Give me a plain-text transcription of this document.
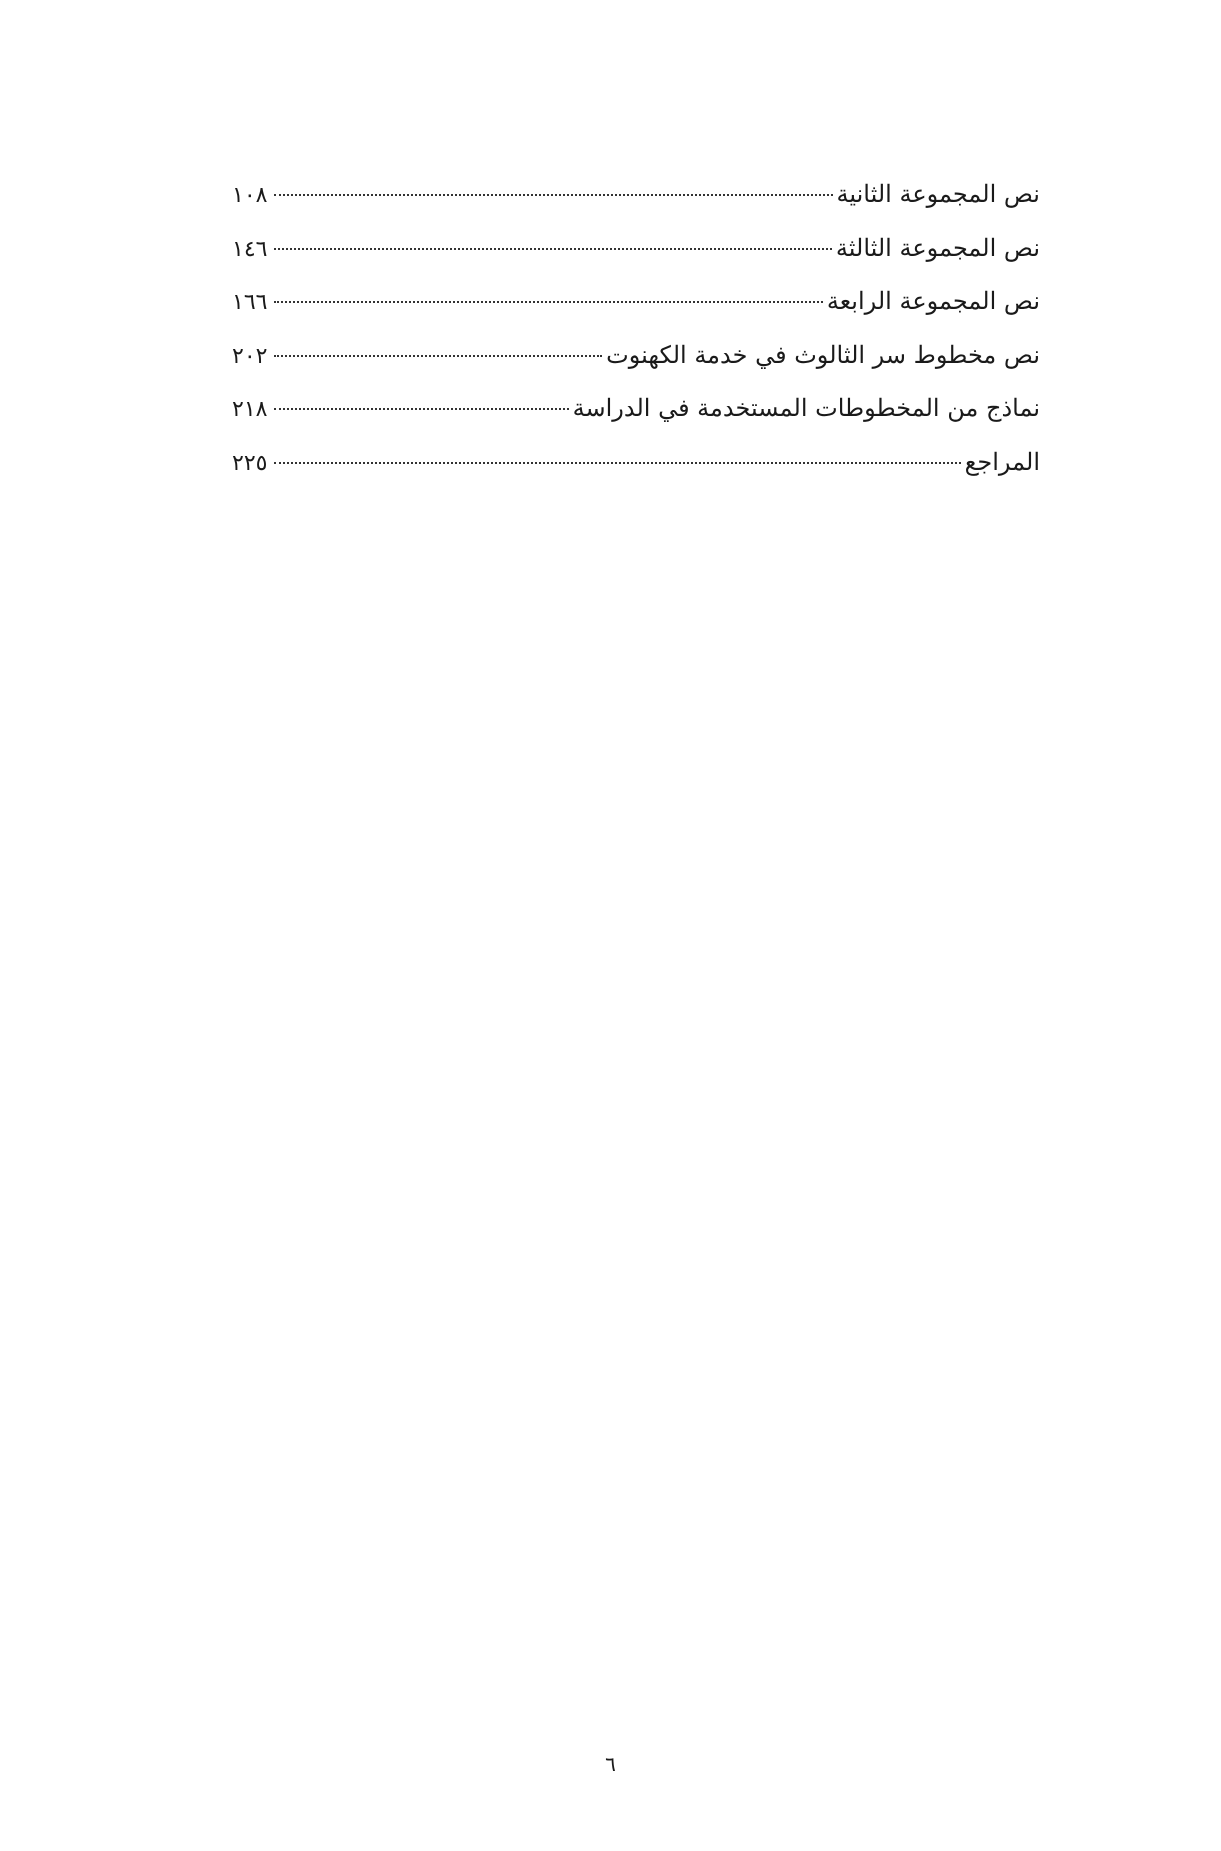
نص المجموعة الثانية
١٠٨
نص المجموعة الثالثة
١٤٦
نص المجموعة الرابعة
١٦٦
نص مخطوط سر الثالوث في خدمة الكهنوت
٢٠٢
نماذج من المخطوطات المستخدمة في الدراسة
٢١٨
المراجع
٢٢٥
٦
